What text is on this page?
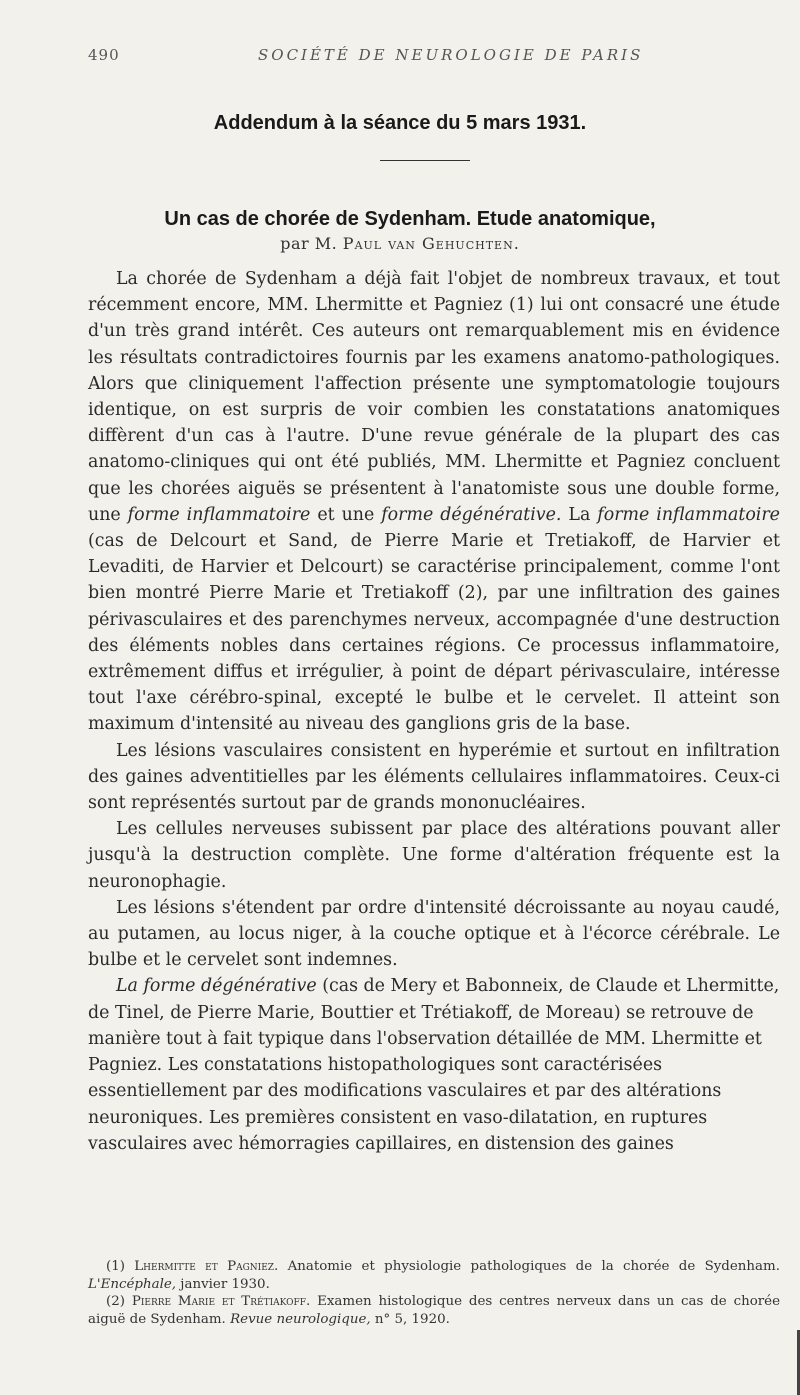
490	SOCIÉTÉ DE NEUROLOGIE DE PARIS
Addendum à la séance du 5 mars 1931.
Un cas de chorée de Sydenham. Etude anatomique,
par M. Paul van Gehuchten.

La chorée de Sydenham a déjà fait l'objet de nombreux travaux, et tout récemment encore, MM. Lhermitte et Pagniez (1) lui ont consacré une étude d'un très grand intérêt. Ces auteurs ont remarquablement mis en évidence les résultats contradictoires fournis par les examens anatomo-pathologiques. Alors que cliniquement l'affection présente une symptomatologie toujours identique, on est surpris de voir combien les constatations anatomiques diffèrent d'un cas à l'autre. D'une revue générale de la plupart des cas anatomo-cliniques qui ont été publiés, MM. Lhermitte et Pagniez concluent que les chorées aiguës se présentent à l'anatomiste sous une double forme, une forme inflammatoire et une forme dégénérative. La forme inflammatoire (cas de Delcourt et Sand, de Pierre Marie et Tretiakoff, de Harvier et Levaditi, de Harvier et Delcourt) se caractérise principalement, comme l'ont bien montré Pierre Marie et Tretiakoff (2), par une infiltration des gaines périvasculaires et des parenchymes nerveux, accompagnée d'une destruction des éléments nobles dans certaines régions. Ce processus inflammatoire, extrêmement diffus et irrégulier, à point de départ périvasculaire, intéresse tout l'axe cérébro-spinal, excepté le bulbe et le cervelet. Il atteint son maximum d'intensité au niveau des ganglions gris de la base.

Les lésions vasculaires consistent en hyperémie et surtout en infiltration des gaines adventitielles par les éléments cellulaires inflammatoires. Ceux-ci sont représentés surtout par de grands mononucléaires.

Les cellules nerveuses subissent par place des altérations pouvant aller jusqu'à la destruction complète. Une forme d'altération fréquente est la neuronophagie.

Les lésions s'étendent par ordre d'intensité décroissante au noyau caudé, au putamen, au locus niger, à la couche optique et à l'écorce cérébrale. Le bulbe et le cervelet sont indemnes.

La forme dégénérative (cas de Mery et Babonneix, de Claude et Lhermitte, de Tinel, de Pierre Marie, Bouttier et Trétiakoff, de Moreau) se retrouve de manière tout à fait typique dans l'observation détaillée de MM. Lhermitte et Pagniez. Les constatations histopathologiques sont caractérisées essentiellement par des modifications vasculaires et par des altérations neuroniques. Les premières consistent en vaso-dilatation, en ruptures vasculaires avec hémorragies capillaires, en distension des gaines

(1) Lhermitte et Pagniez. Anatomie et physiologie pathologiques de la chorée de Sydenham. L'Encéphale, janvier 1930.

(2) Pierre Marie et Trétiakoff. Examen histologique des centres nerveux dans un cas de chorée aiguë de Sydenham. Revue neurologique, n° 5, 1920.
